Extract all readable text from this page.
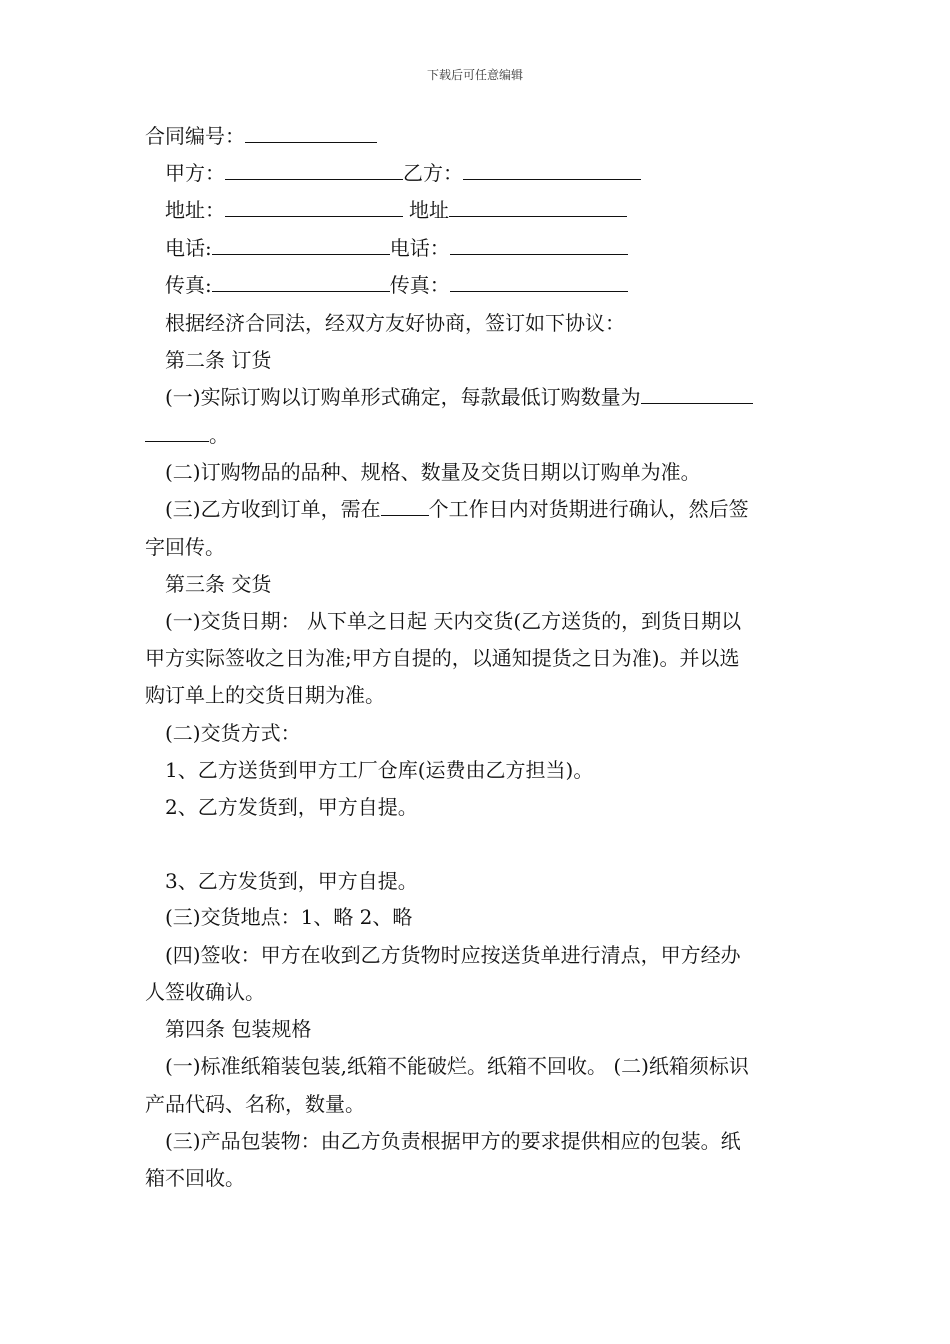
下载后可任意编辑
合同编号：
甲方：	乙方：
地址：	地址
电话:	电话：
传真:	传真：
根据经济合同法，经双方友好协商，签订如下协议：
第二条 订货
(一)实际订购以订购单形式确定，每款最低订购数量为
。
(二)订购物品的品种、规格、数量及交货日期以订购单为准。
(三)乙方收到订单，需在 个工作日内对货期进行确认，然后签
字回传。
第三条 交货
(一)交货日期： 从下单之日起 天内交货(乙方送货的，到货日期以
甲方实际签收之日为准;甲方自提的，以通知提货之日为准)。并以选
购订单上的交货日期为准。
(二)交货方式：
1、乙方送货到甲方工厂仓库(运费由乙方担当)。
2、乙方发货到，甲方自提。
3、乙方发货到，甲方自提。
(三)交货地点：1、略 2、略
(四)签收：甲方在收到乙方货物时应按送货单进行清点，甲方经办
人签收确认。
第四条 包装规格
(一)标准纸箱装包装,纸箱不能破烂。纸箱不回收。 (二)纸箱须标识
产品代码、名称，数量。
(三)产品包装物：由乙方负责根据甲方的要求提供相应的包装。纸
箱不回收。
